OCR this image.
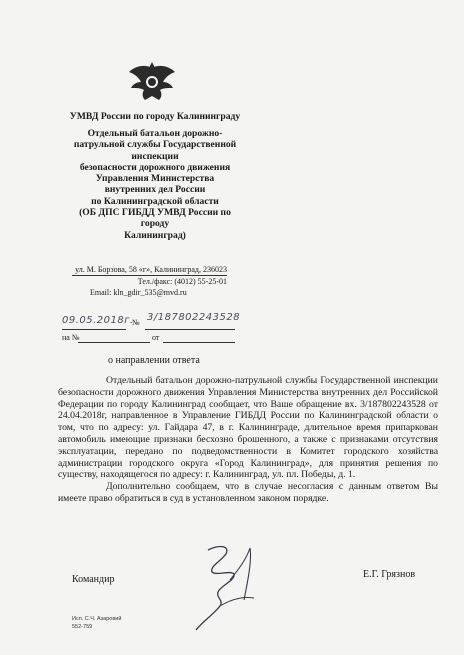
УМВД России по городу Калининграду
Отдельный батальон дорожно-
патрульной службы Государственной
инспекции
безопасности дорожного движения
Управления Министерства
внутренних дел России
по Калининградской области
(ОБ ДПС ГИБДД УМВД России по
городу
Калининград)
ул. М. Борзова, 58 «г», Калининград, 236023
Тел./факс: (4012) 55-25-01
Email: kln_gdir_535@mvd.ru
09.05.2018г.
№ 3/187802243528
на №	от
о направлении ответа

Отдельный батальон дорожно-патрульной службы Государственной инспекции безопасности дорожного движения Управления Министерства внутренних дел Российской Федерации по городу Калининград сообщает, что Ваше обращение вх. 3/187802243528 от 24.04.2018г, направленное в Управление ГИБДД России по Калининградской области о том, что по адресу: ул. Гайдара 47, в г. Калининграде, длительное время припаркован автомобиль имеющие признаки бесхозно брошенного, а также с признаками отсутствия эксплуатации, передано по подведомственности в Комитет городского хозяйства администрации городского округа «Город Калининград», для принятия решения по существу, находящегося по адресу: г. Калининград, ул. пл. Победы, д. 1.

Дополнительно сообщаем, что в случае несогласия с данным ответом Вы имеете право обратиться в суд в установленном законом порядке.

Командир	Е.Г. Грязнов
Исп. С.Ч. Азаровий
552-759
